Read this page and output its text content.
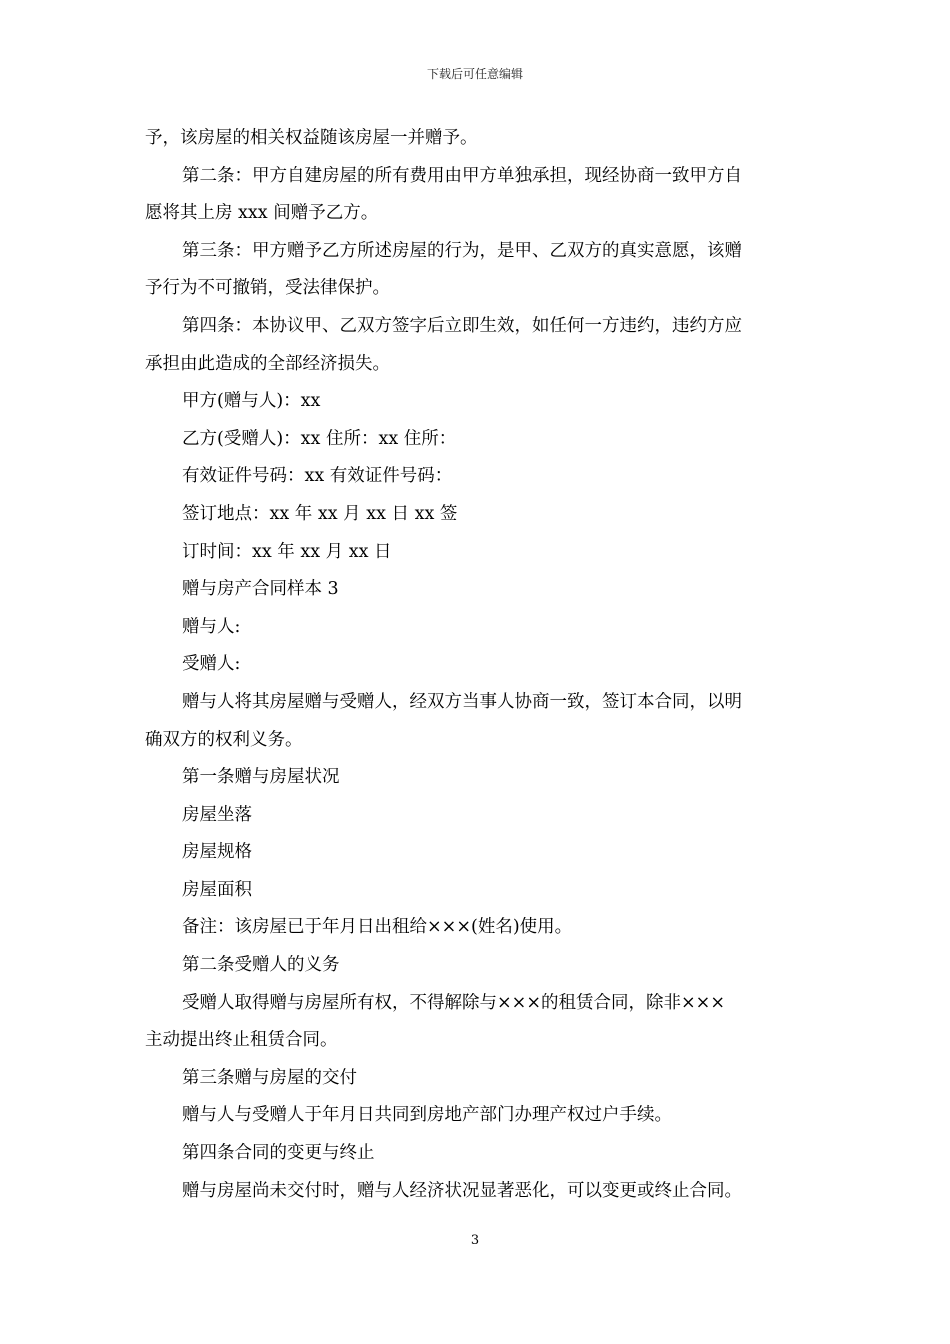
下载后可任意编辑
予，该房屋的相关权益随该房屋一并赠予。
第二条：甲方自建房屋的所有费用由甲方单独承担，现经协商一致甲方自
愿将其上房 xxx 间赠予乙方。
第三条：甲方赠予乙方所述房屋的行为，是甲、乙双方的真实意愿，该赠
予行为不可撤销，受法律保护。
第四条：本协议甲、乙双方签字后立即生效，如任何一方违约，违约方应
承担由此造成的全部经济损失。
甲方(赠与人)：xx
乙方(受赠人)：xx 住所：xx 住所：
有效证件号码：xx 有效证件号码：
签订地点：xx 年 xx 月 xx 日 xx 签
订时间：xx 年 xx 月 xx 日
赠与房产合同样本 3
赠与人:
受赠人:
赠与人将其房屋赠与受赠人，经双方当事人协商一致，签订本合同，以明
确双方的权利义务。
第一条赠与房屋状况
房屋坐落
房屋规格
房屋面积
备注：该房屋已于年月日出租给×××(姓名)使用。
第二条受赠人的义务
受赠人取得赠与房屋所有权，不得解除与×××的租赁合同，除非×××
主动提出终止租赁合同。
第三条赠与房屋的交付
赠与人与受赠人于年月日共同到房地产部门办理产权过户手续。
第四条合同的变更与终止
赠与房屋尚未交付时，赠与人经济状况显著恶化，可以变更或终止合同。
3
